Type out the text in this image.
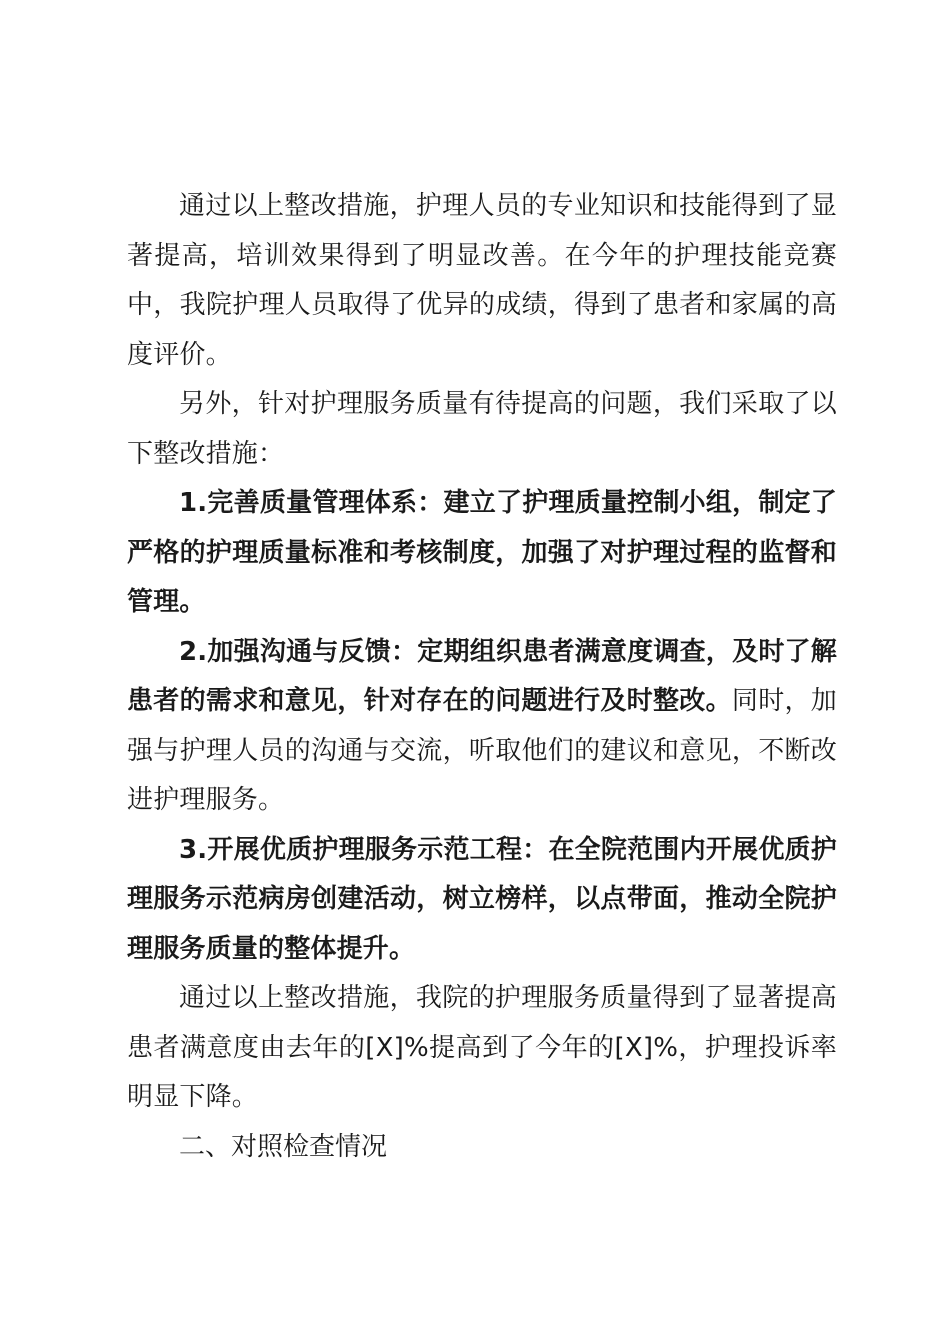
通过以上整改措施，护理人员的专业知识和技能得到了显著提高，培训效果得到了明显改善。在今年的护理技能竞赛中，我院护理人员取得了优异的成绩，得到了患者和家属的高度评价。

另外，针对护理服务质量有待提高的问题，我们采取了以下整改措施：

1.完善质量管理体系：建立了护理质量控制小组，制定了严格的护理质量标准和考核制度，加强了对护理过程的监督和管理。

2.加强沟通与反馈：定期组织患者满意度调查，及时了解患者的需求和意见，针对存在的问题进行及时整改。同时，加强与护理人员的沟通与交流，听取他们的建议和意见，不断改进护理服务。

3.开展优质护理服务示范工程：在全院范围内开展优质护理服务示范病房创建活动，树立榜样，以点带面，推动全院护理服务质量的整体提升。

通过以上整改措施，我院的护理服务质量得到了显著提高患者满意度由去年的[X]%提高到了今年的[X]%，护理投诉率明显下降。

二、对照检查情况
